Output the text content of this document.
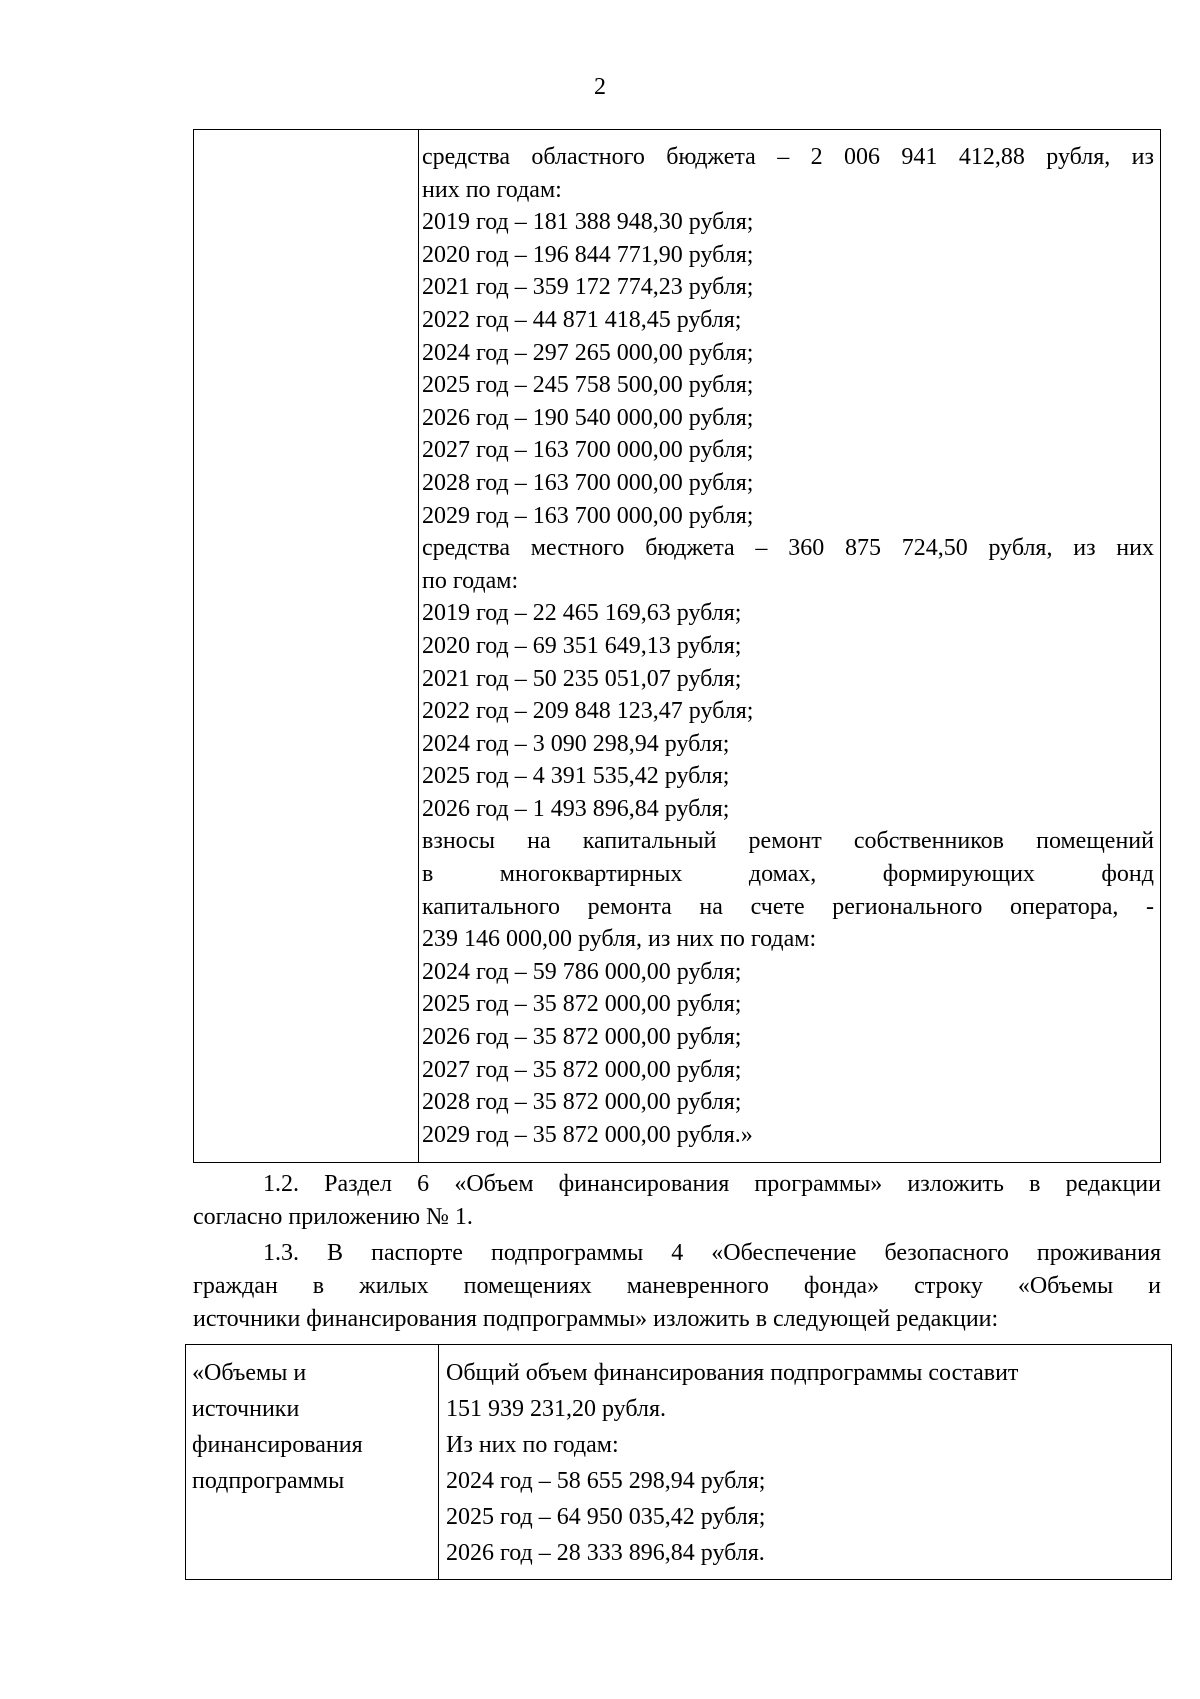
2
средства областного бюджета – 2 006 941 412,88 рубля, из
них по годам:
2019 год – 181 388 948,30 рубля;
2020 год – 196 844 771,90 рубля;
2021 год – 359 172 774,23 рубля;
2022 год – 44 871 418,45 рубля;
2024 год – 297 265 000,00 рубля;
2025 год – 245 758 500,00 рубля;
2026 год – 190 540 000,00 рубля;
2027 год – 163 700 000,00 рубля;
2028 год – 163 700 000,00 рубля;
2029 год – 163 700 000,00 рубля;
средства местного бюджета – 360 875 724,50 рубля, из них
по годам:
2019 год – 22 465 169,63 рубля;
2020 год – 69 351 649,13 рубля;
2021 год – 50 235 051,07 рубля;
2022 год – 209 848 123,47 рубля;
2024 год – 3 090 298,94 рубля;
2025 год – 4 391 535,42 рубля;
2026 год – 1 493 896,84 рубля;
взносы на капитальный ремонт собственников помещений
в многоквартирных домах, формирующих фонд
капитального ремонта на счете регионального оператора, -
239 146 000,00 рубля, из них по годам:
2024 год – 59 786 000,00 рубля;
2025 год – 35 872 000,00 рубля;
2026 год – 35 872 000,00 рубля;
2027 год – 35 872 000,00 рубля;
2028 год – 35 872 000,00 рубля;
2029 год – 35 872 000,00 рубля.»
1.2. Раздел 6 «Объем финансирования программы» изложить в редакции
согласно приложению № 1.
1.3. В паспорте подпрограммы 4 «Обеспечение безопасного проживания
граждан в жилых помещениях маневренного фонда» строку «Объемы и
источники финансирования подпрограммы» изложить в следующей редакции:
«Объемы и
источники
финансирования
подпрограммы
Общий объем финансирования подпрограммы составит
151 939 231,20 рубля.
Из них по годам:
2024 год – 58 655 298,94 рубля;
2025 год – 64 950 035,42 рубля;
2026 год – 28 333 896,84 рубля.
